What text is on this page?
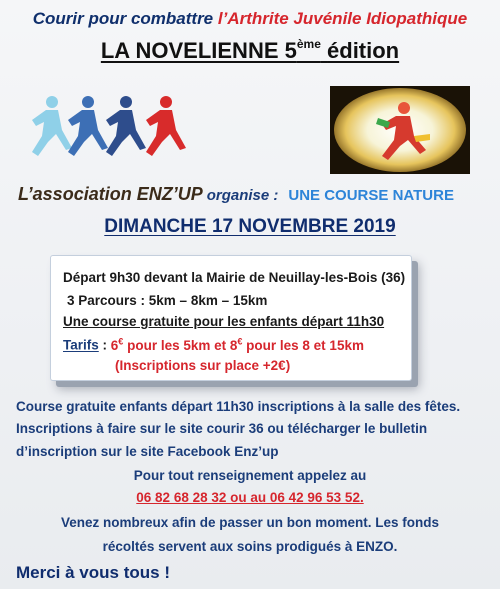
Courir pour combattre l’Arthrite Juvénile Idiopathique
LA NOVELIENNE 5ème édition
L’association ENZ’UP organise : UNE COURSE NATURE
DIMANCHE 17 NOVEMBRE 2019
Départ 9h30 devant la Mairie de Neuillay-les-Bois (36)
3 Parcours : 5km – 8km – 15km
Une course gratuite pour les enfants départ 11h30
Tarifs : 6€ pour les 5km et 8€ pour les 8 et 15km
(Inscriptions sur place +2€)
Course gratuite enfants départ 11h30 inscriptions à la salle des fêtes.
Inscriptions à faire sur le site courir 36 ou télécharger le bulletin
d’inscription sur le site Facebook Enz’up
Pour tout renseignement appelez au
06 82 68 28 32 ou au 06 42 96 53 52.
Venez nombreux afin de passer un bon moment. Les fonds
récoltés servent aux soins prodigués à ENZO.
Merci à vous tous !
